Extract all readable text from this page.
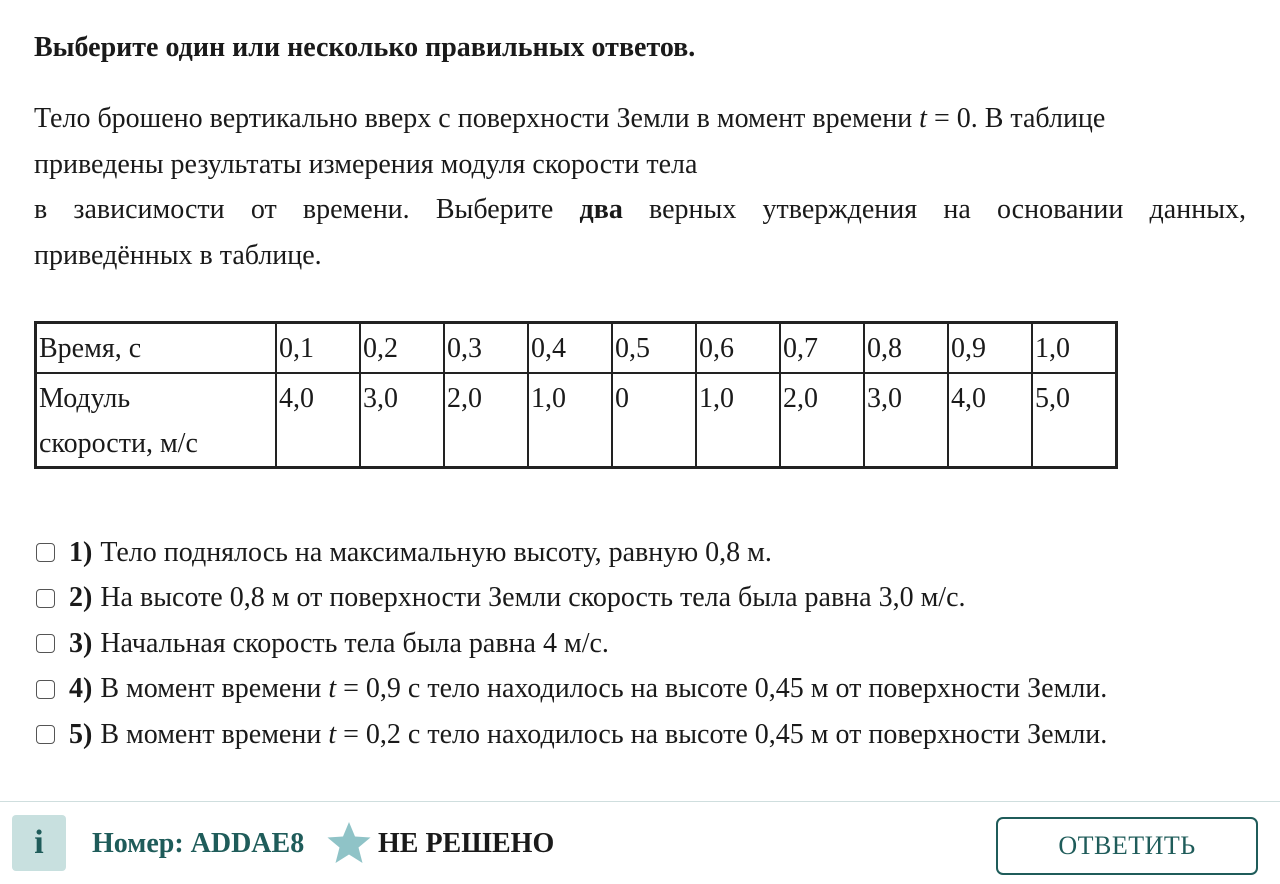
Выберите один или несколько правильных ответов.

Тело брошено вертикально вверх с поверхности Земли в момент времени t = 0. В таблице
приведены результаты измерения модуля скорости тела
в зависимости от времени. Выберите два верных утверждения на основании данных,
приведённых в таблице.
Время, с	0,1	0,2	0,3	0,4	0,5	0,6	0,7	0,8	0,9	1,0
Модуль
скорости, м/с	4,0	3,0	2,0	1,0	0	1,0	2,0	3,0	4,0	5,0
1) Тело поднялось на максимальную высоту, равную 0,8 м.
2) На высоте 0,8 м от поверхности Земли скорость тела была равна 3,0 м/с.
3) Начальная скорость тела была равна 4 м/с.
4) В момент времени t = 0,9 с тело находилось на высоте 0,45 м от поверхности Земли.
5) В момент времени t = 0,2 с тело находилось на высоте 0,45 м от поверхности Земли.
i Номер: ADDAE8	НЕ РЕШЕНО	ОТВЕТИТЬ
